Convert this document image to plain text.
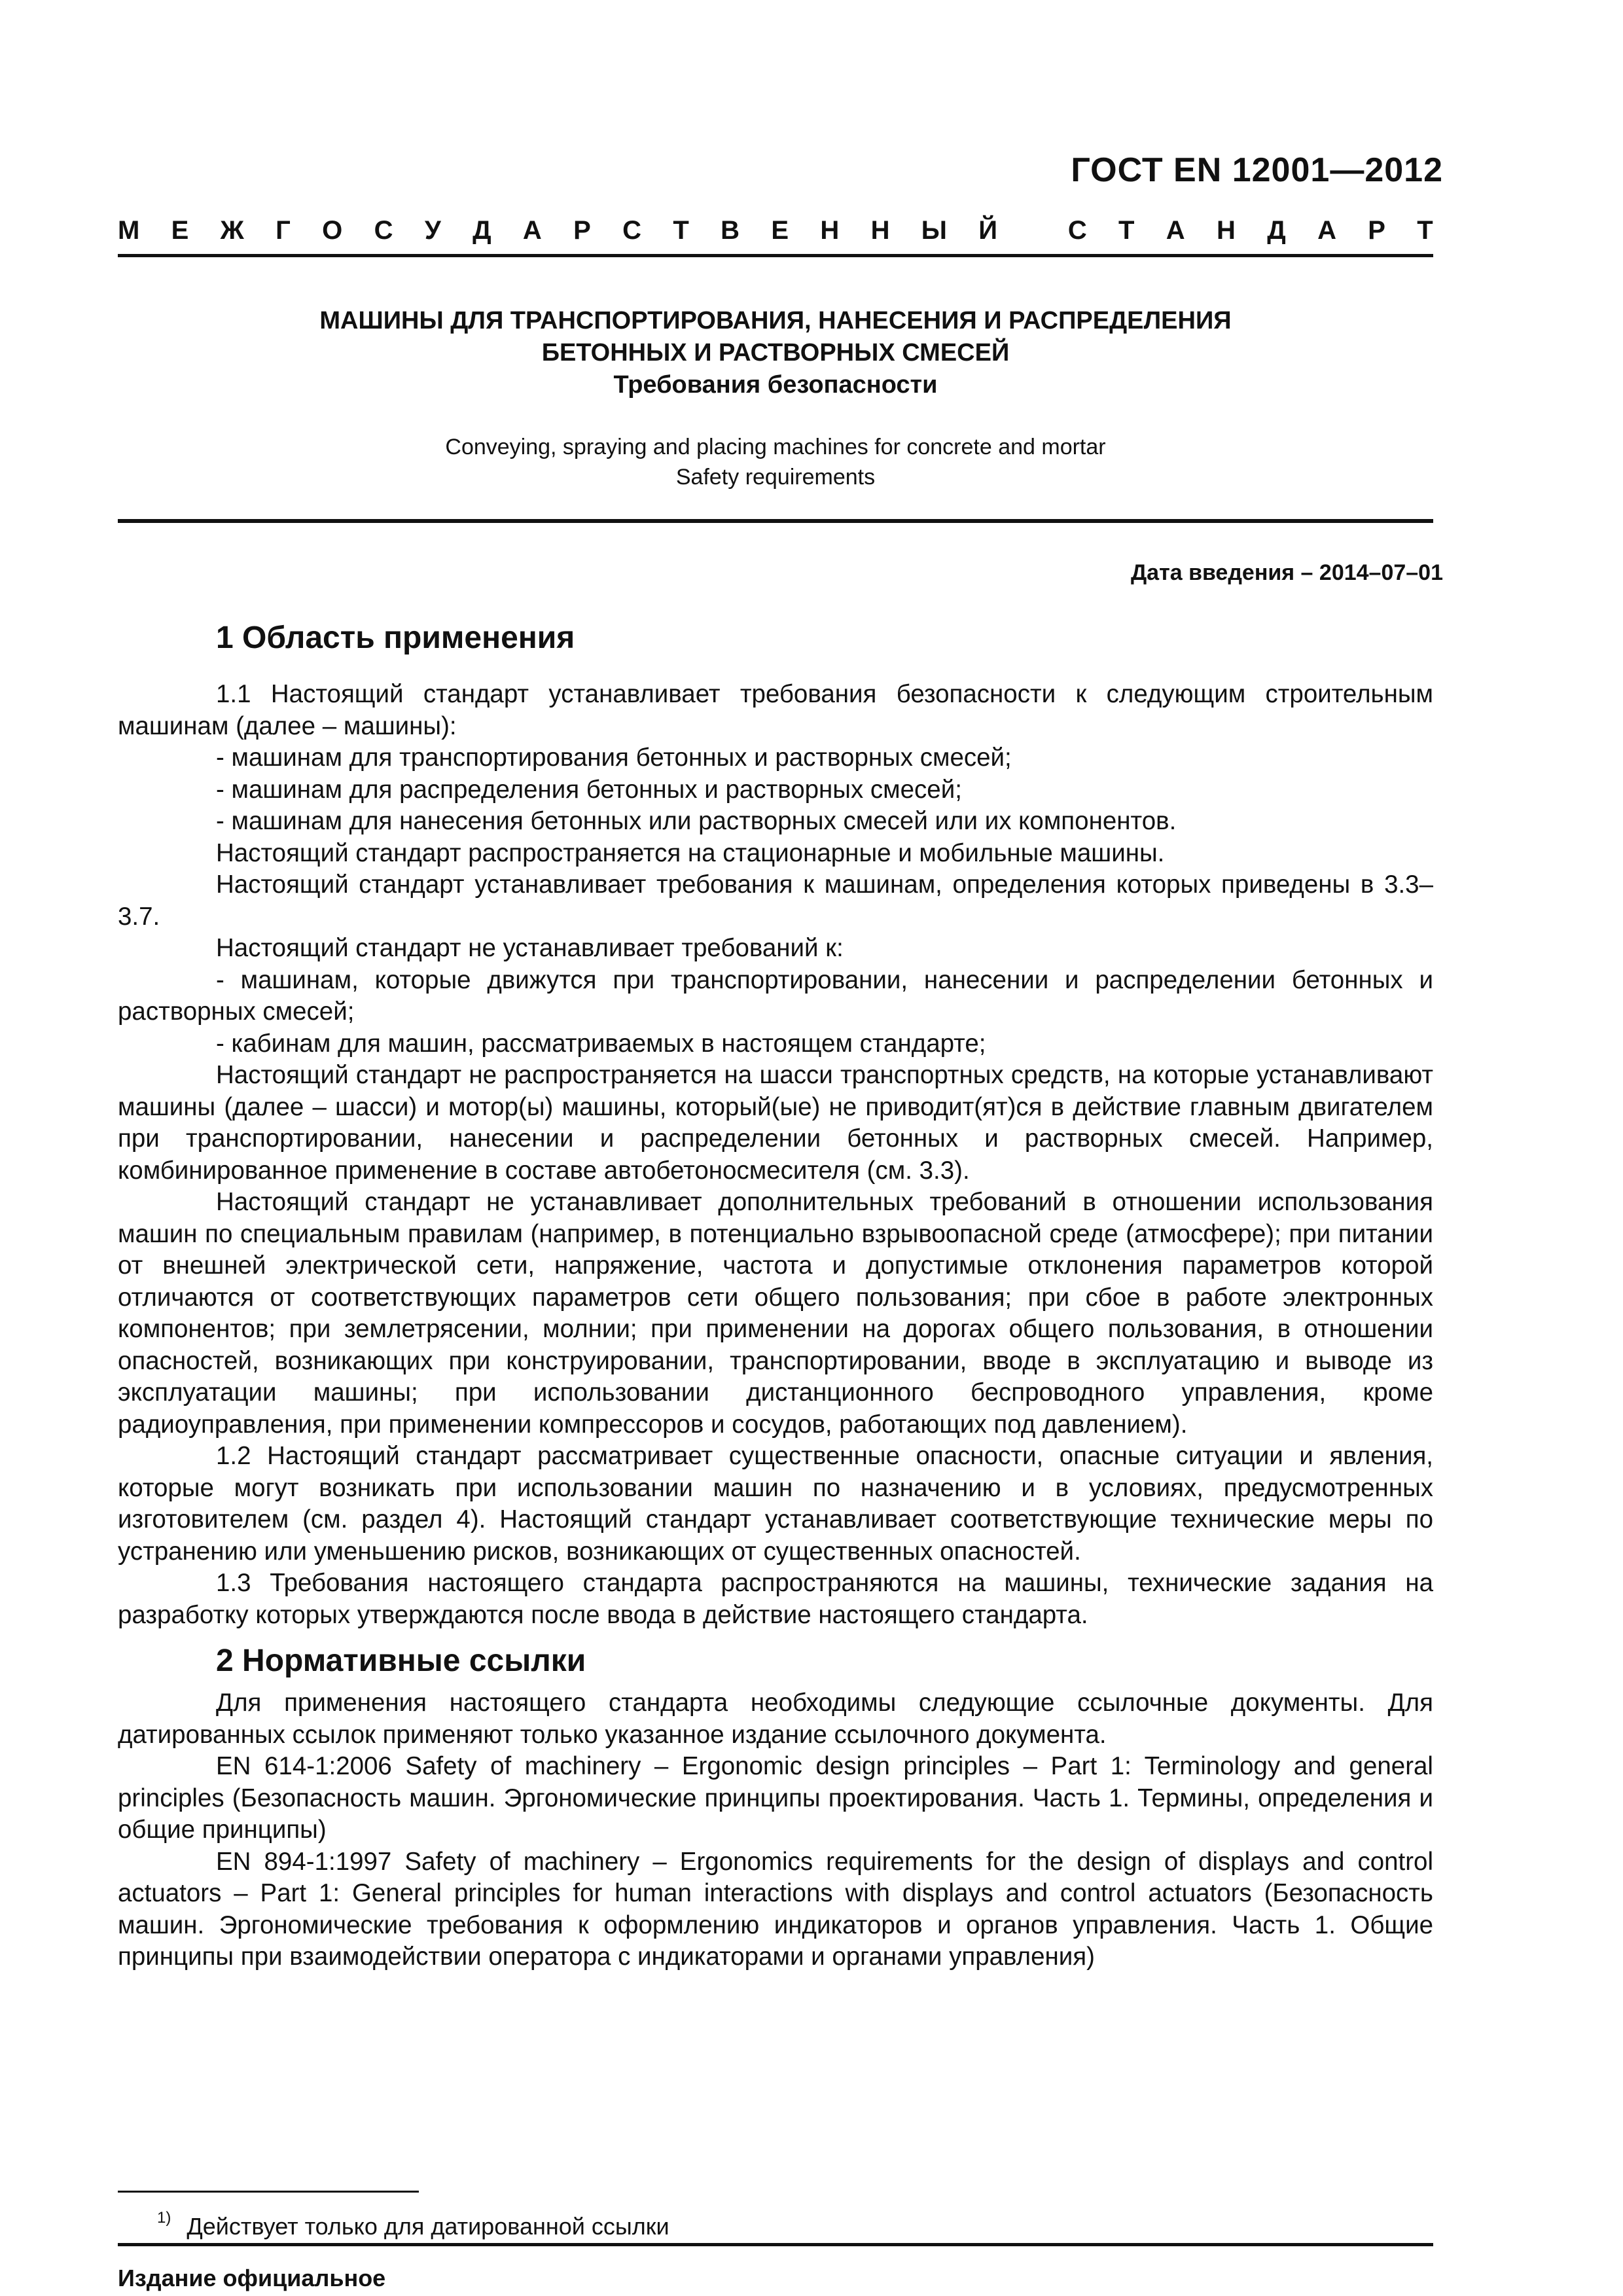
ГОСТ EN 12001—2012
М Е Ж Г О С У Д А Р С Т В Е Н Н Ы Й
	С Т А Н Д А Р Т

МАШИНЫ ДЛЯ ТРАНСПОРТИРОВАНИЯ, НАНЕСЕНИЯ И РАСПРЕДЕЛЕНИЯ

БЕТОННЫХ И РАСТВОРНЫХ СМЕСЕЙ

Требования безопасности

Conveying, spraying and placing machines for concrete and mortar
Safety requirements
Дата введения – 2014–07–01
1 Область применения

1.1 Настоящий стандарт устанавливает требования безопасности к следующим строительным машинам (далее – машины):

- машинам для транспортирования бетонных и растворных смесей;

- машинам для распределения бетонных и растворных смесей;

- машинам для нанесения бетонных или растворных смесей или их компонентов.

Настоящий стандарт распространяется на стационарные и мобильные машины.

Настоящий стандарт устанавливает требования к машинам, определения которых приведены в 3.3–3.7.

Настоящий стандарт не устанавливает требований к:

- машинам, которые движутся при транспортировании, нанесении и распределении бетонных и растворных смесей;

- кабинам для машин, рассматриваемых в настоящем стандарте;

Настоящий стандарт не распространяется на шасси транспортных средств, на которые устанавливают машины (далее – шасси) и мотор(ы) машины, который(ые) не приводит(ят)ся в действие главным двигателем при транспортировании, нанесении и распределении бетонных и растворных смесей. Например, комбинированное применение в составе автобетоносмесителя (см. 3.3).

Настоящий стандарт не устанавливает дополнительных требований в отношении использования машин по специальным правилам (например, в потенциально взрывоопасной среде (атмосфере); при питании от внешней электрической сети, напряжение, частота и допустимые отклонения параметров которой отличаются от соответствующих параметров сети общего пользования; при сбое в работе электронных компонентов; при землетрясении, молнии; при применении на дорогах общего пользования, в отношении опасностей, возникающих при конструировании, транспортировании, вводе в эксплуатацию и выводе из эксплуатации машины; при использовании дистанционного беспроводного управления, кроме радиоуправления, при применении компрессоров и сосудов, работающих под давлением).

1.2 Настоящий стандарт рассматривает существенные опасности, опасные ситуации и явления, которые могут возникать при использовании машин по назначению и в условиях, предусмотренных изготовителем (см. раздел 4). Настоящий стандарт устанавливает соответствующие технические меры по устранению или уменьшению рисков, возникающих от существенных опасностей.

1.3 Требования настоящего стандарта распространяются на машины, технические задания на разработку которых утверждаются после ввода в действие настоящего стандарта.

2 Нормативные ссылки

Для применения настоящего стандарта необходимы следующие ссылочные документы. Для датированных ссылок применяют только указанное издание ссылочного документа.

EN 614-1:2006 Safety of machinery – Ergonomic design principles – Part 1: Terminology and general principles (Безопасность машин. Эргономические принципы проектирования. Часть 1. Термины, определения и общие принципы)

EN 894-1:1997 Safety of machinery – Ergonomics requirements for the design of displays and control actuators – Part 1: General principles for human interactions with displays and control actuators (Безопасность машин. Эргономические требования к оформлению индикаторов и органов управления. Часть 1. Общие принципы при взаимодействии оператора с индикаторами и органами управления)

$^{1)}$ Действует только для датированной ссылки
Издание официальное
